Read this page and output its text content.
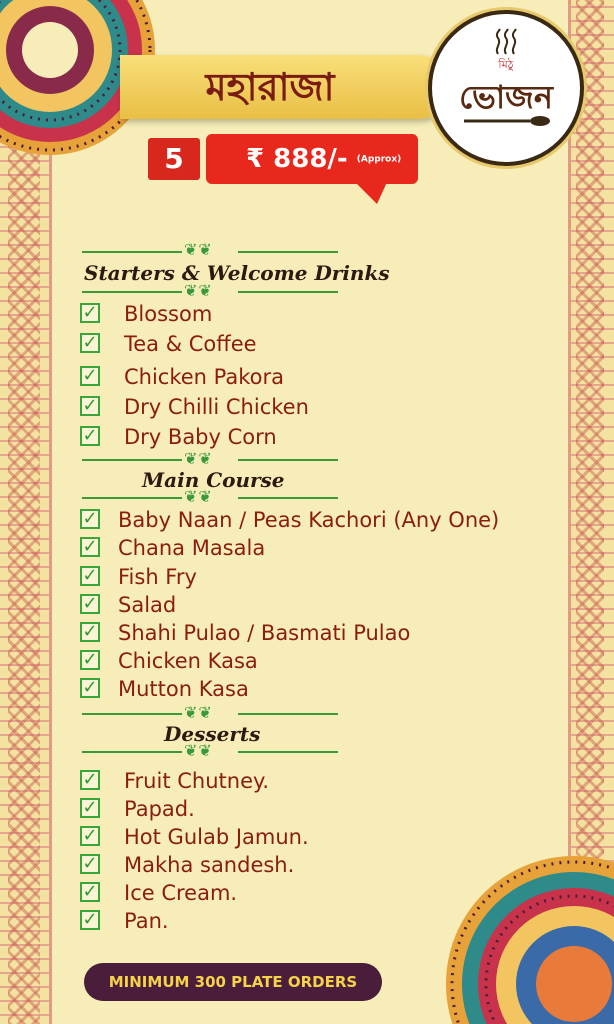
মহারাজা
মিঠু
ভোজন
5	₹ 888/- (Approx)
❦❦
Starters & Welcome Drinks
❦❦
✓ Blossom
✓ Tea & Coffee
✓ Chicken Pakora
✓ Dry Chilli Chicken
✓ Dry Baby Corn
❦❦
Main Course
❦❦
✓ Baby Naan / Peas Kachori (Any One)
✓ Chana Masala
✓ Fish Fry
✓ Salad
✓ Shahi Pulao / Basmati Pulao
✓ Chicken Kasa
✓ Mutton Kasa
❦❦
Desserts
❦❦
✓ Fruit Chutney.
✓ Papad.
✓ Hot Gulab Jamun.
✓ Makha sandesh.
✓ Ice Cream.
✓ Pan.
MINIMUM 300 PLATE ORDERS
